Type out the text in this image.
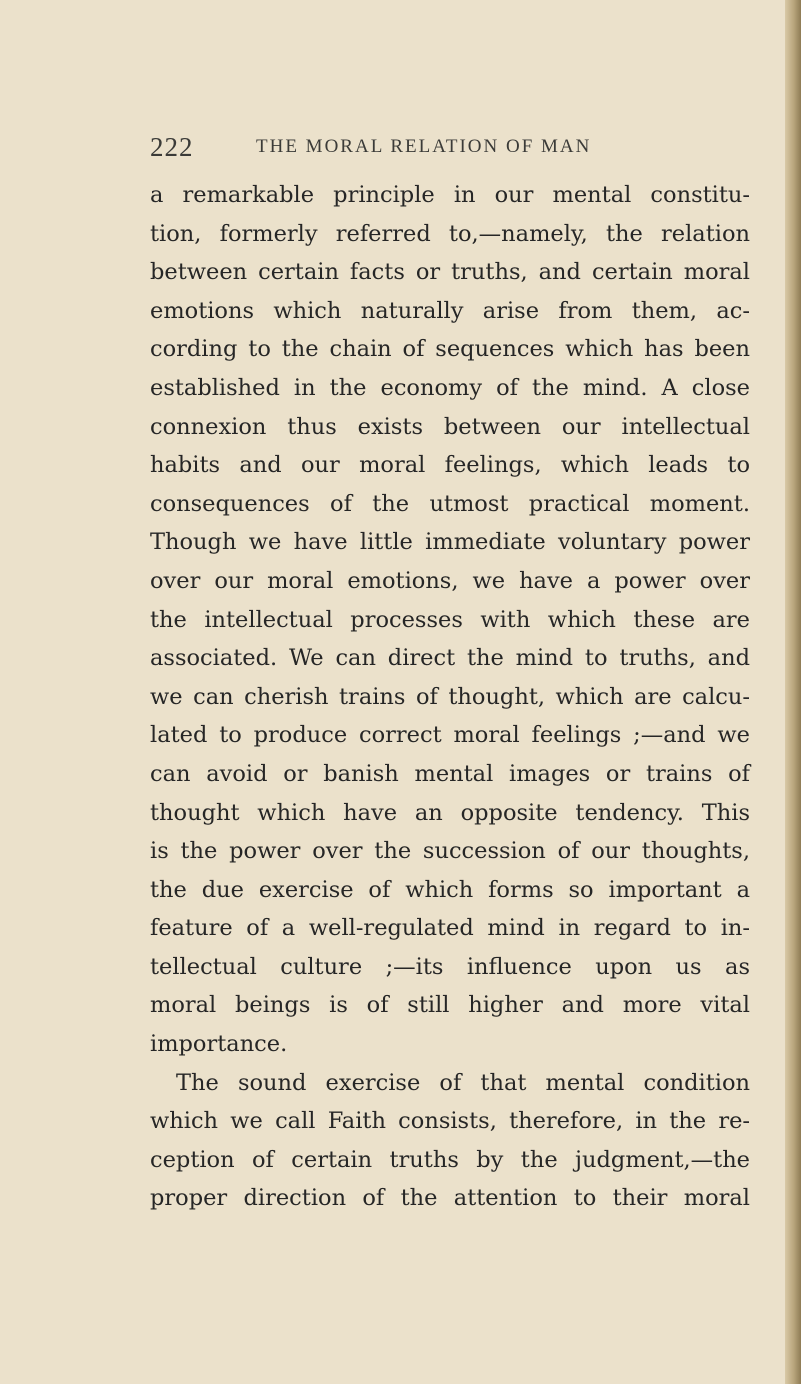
222	THE MORAL RELATION OF MAN
a remarkable principle in our mental constitu-
tion, formerly referred to,—namely, the relation
between certain facts or truths, and certain moral
emotions which naturally arise from them, ac-
cording to the chain of sequences which has been
established in the economy of the mind. A close
connexion thus exists between our intellectual
habits and our moral feelings, which leads to
consequences of the utmost practical moment.
Though we have little immediate voluntary power
over our moral emotions, we have a power over
the intellectual processes with which these are
associated. We can direct the mind to truths, and
we can cherish trains of thought, which are calcu-
lated to produce correct moral feelings ;—and we
can avoid or banish mental images or trains of
thought which have an opposite tendency. This
is the power over the succession of our thoughts,
the due exercise of which forms so important a
feature of a well-regulated mind in regard to in-
tellectual culture ;—its influence upon us as
moral beings is of still higher and more vital
importance.
The sound exercise of that mental condition
which we call Faith consists, therefore, in the re-
ception of certain truths by the judgment,—the
proper direction of the attention to their moral
